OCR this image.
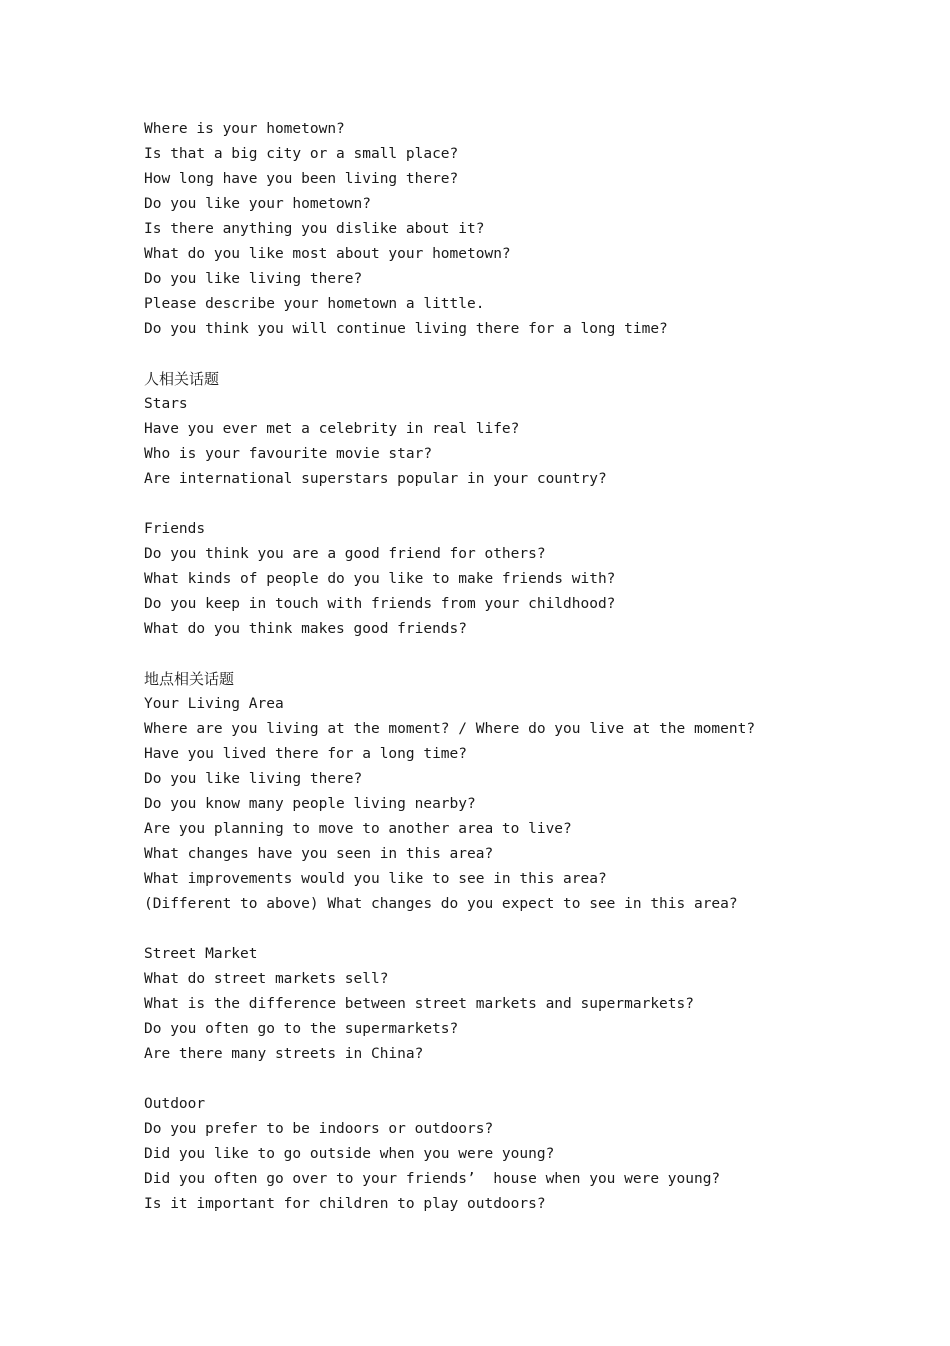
Where is your hometown?
Is that a big city or a small place?
How long have you been living there?
Do you like your hometown?
Is there anything you dislike about it?
What do you like most about your hometown?
Do you like living there?
Please describe your hometown a little.
Do you think you will continue living there for a long time?
人相关话题
Stars
Have you ever met a celebrity in real life?
Who is your favourite movie star?
Are international superstars popular in your country?
Friends
Do you think you are a good friend for others?
What kinds of people do you like to make friends with?
Do you keep in touch with friends from your childhood?
What do you think makes good friends?
地点相关话题
Your Living Area
Where are you living at the moment? / Where do you live at the moment?
Have you lived there for a long time?
Do you like living there?
Do you know many people living nearby?
Are you planning to move to another area to live?
What changes have you seen in this area?
What improvements would you like to see in this area?
(Different to above) What changes do you expect to see in this area?
Street Market
What do street markets sell?
What is the difference between street markets and supermarkets?
Do you often go to the supermarkets?
Are there many streets in China?
Outdoor
Do you prefer to be indoors or outdoors?
Did you like to go outside when you were young?
Did you often go over to your friends’  house when you were young?
Is it important for children to play outdoors?
